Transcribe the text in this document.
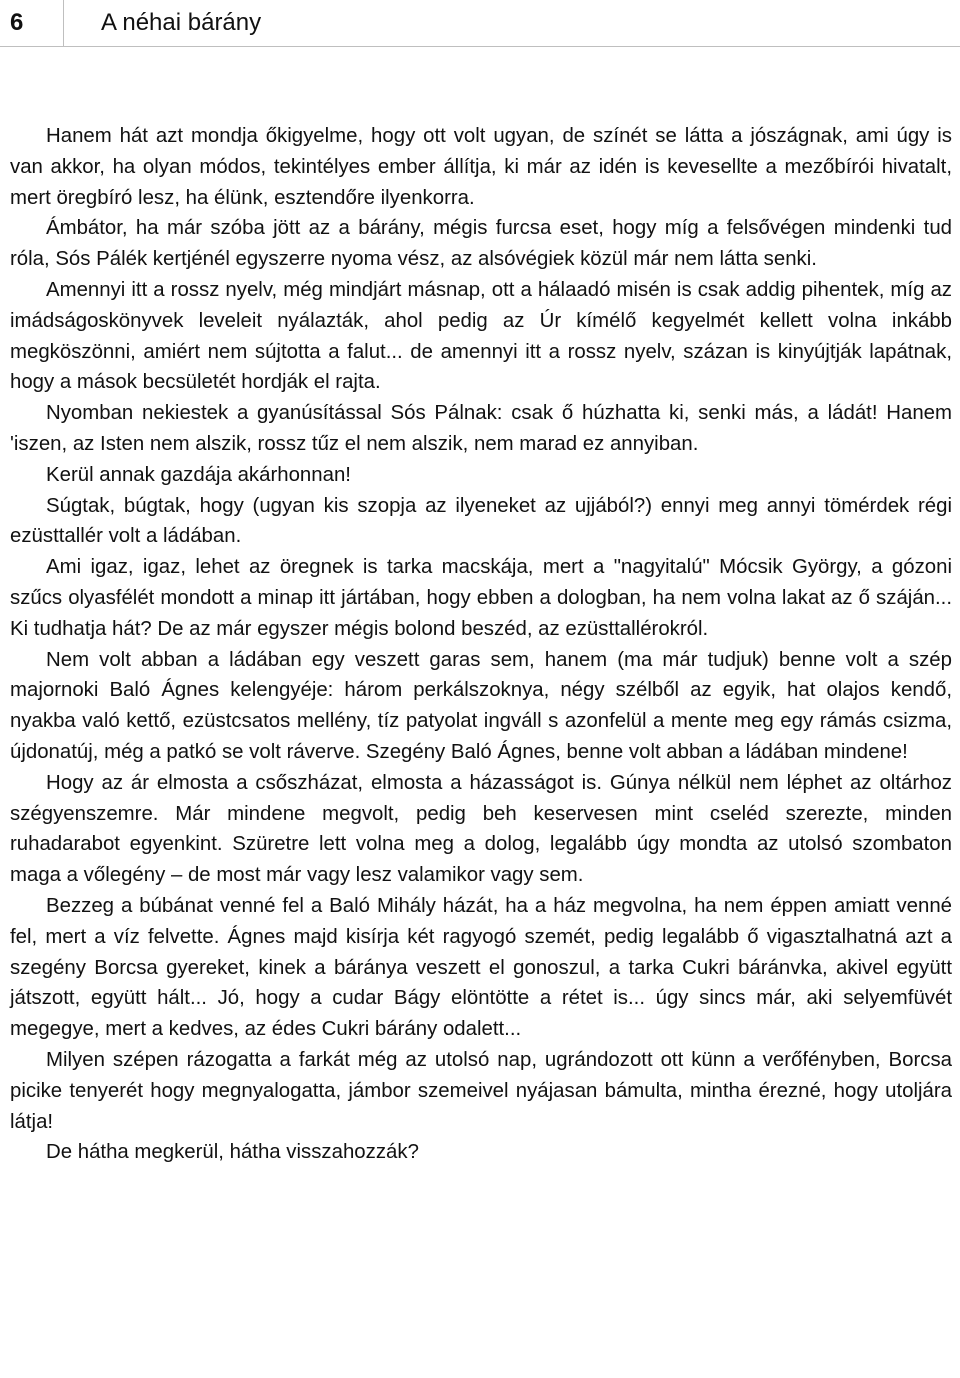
6	A néhai bárány

Hanem hát azt mondja őkigyelme, hogy ott volt ugyan, de színét se látta a jószágnak, ami úgy is van akkor, ha olyan módos, tekintélyes ember állítja, ki már az idén is kevesellte a mezőbírói hivatalt, mert öregbíró lesz, ha élünk, esztendőre ilyenkorra.

Ámbátor, ha már szóba jött az a bárány, mégis furcsa eset, hogy míg a felsővégen mindenki tud róla, Sós Pálék kertjénél egyszerre nyoma vész, az alsóvégiek közül már nem látta senki.

Amennyi itt a rossz nyelv, még mindjárt másnap, ott a hálaadó misén is csak addig pihentek, míg az imádságoskönyvek leveleit nyálazták, ahol pedig az Úr kímélő kegyelmét kellett volna inkább megköszönni, amiért nem sújtotta a falut... de amennyi itt a rossz nyelv, százan is kinyújtják lapátnak, hogy a mások becsületét hordják el rajta.

Nyomban nekiestek a gyanúsítással Sós Pálnak: csak ő húzhatta ki, senki más, a ládát! Hanem 'iszen, az Isten nem alszik, rossz tűz el nem alszik, nem marad ez annyiban.

Kerül annak gazdája akárhonnan!

Súgtak, búgtak, hogy (ugyan kis szopja az ilyeneket az ujjából?) ennyi meg annyi tömérdek régi ezüsttallér volt a ládában.

Ami igaz, igaz, lehet az öregnek is tarka macskája, mert a "nagyitalú" Mócsik György, a gózoni szűcs olyasfélét mondott a minap itt jártában, hogy ebben a dologban, ha nem volna lakat az ő száján... Ki tudhatja hát? De az már egyszer mégis bolond beszéd, az ezüsttallérokról.

Nem volt abban a ládában egy veszett garas sem, hanem (ma már tudjuk) benne volt a szép majornoki Baló Ágnes kelengyéje: három perkálszoknya, négy szélből az egyik, hat olajos kendő, nyakba való kettő, ezüstcsatos mellény, tíz patyolat ingváll s azonfelül a mente meg egy rámás csizma, újdonatúj, még a patkó se volt ráverve. Szegény Baló Ágnes, benne volt abban a ládában mindene!

Hogy az ár elmosta a csőszházat, elmosta a házasságot is. Gúnya nélkül nem léphet az oltárhoz szégyenszemre. Már mindene megvolt, pedig beh keservesen mint cseléd szerezte, minden ruhadarabot egyenkint. Szüretre lett volna meg a dolog, legalább úgy mondta az utolsó szombaton maga a vőlegény – de most már vagy lesz valamikor vagy sem.

Bezzeg a búbánat venné fel a Baló Mihály házát, ha a ház megvolna, ha nem éppen amiatt venné fel, mert a víz felvette. Ágnes majd kisírja két ragyogó szemét, pedig legalább ő vigasztalhatná azt a szegény Borcsa gyereket, kinek a báránya veszett el gonoszul, a tarka Cukri báránvka, akivel együtt játszott, együtt hált... Jó, hogy a cudar Bágy elöntötte a rétet is... úgy sincs már, aki selyemfüvét megegye, mert a kedves, az édes Cukri bárány odalett...

Milyen szépen rázogatta a farkát még az utolsó nap, ugrándozott ott künn a verőfényben, Borcsa picike tenyerét hogy megnyalogatta, jámbor szemeivel nyájasan bámulta, mintha érezné, hogy utoljára látja!

De hátha megkerül, hátha visszahozzák?
